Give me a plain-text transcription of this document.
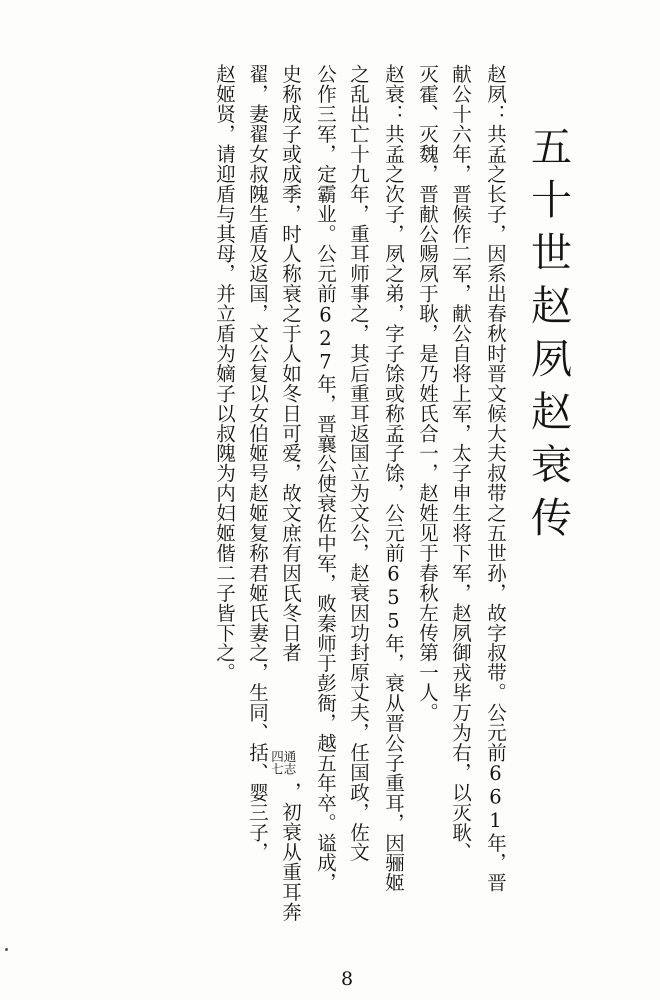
五十世赵夙赵衰传
赵夙：共孟之长子，因系出春秋时晋文候大夫叔带之五世孙，故字叔带。公元前661年，晋
献公十六年，晋候作二军，献公自将上军，太子申生将下军，赵夙御戎毕万为右，以灭耿、
灭霍、灭魏，晋献公赐夙于耿，是乃姓氏合一，赵姓见于春秋左传第一人。
赵衰：共孟之次子，夙之弟，字子馀或称孟子馀，公元前655年，衰从晋公子重耳，因骊姬
之乱出亡十九年，重耳师事之，其后重耳返国立为文公，赵衰因功封原丈夫，任国政，佐文
公作三军，定霸业。公元前627年，晋襄公使衰佐中军，败秦师于彭衙，越五年卒。谥成，
史称成子或成季，时人称衰之于人如冬日可爱，故文庶有因氏冬日者
翟，妻翟女叔隗生盾及返国，文公复以女伯姬号赵姬复称君姬氏妻之，生同、括、婴三子，
赵姬贤，请迎盾与其母，并立盾为嫡子以叔隗为内妇姬偕二子皆下之。
通志
四七
，初衰从重耳奔
8
